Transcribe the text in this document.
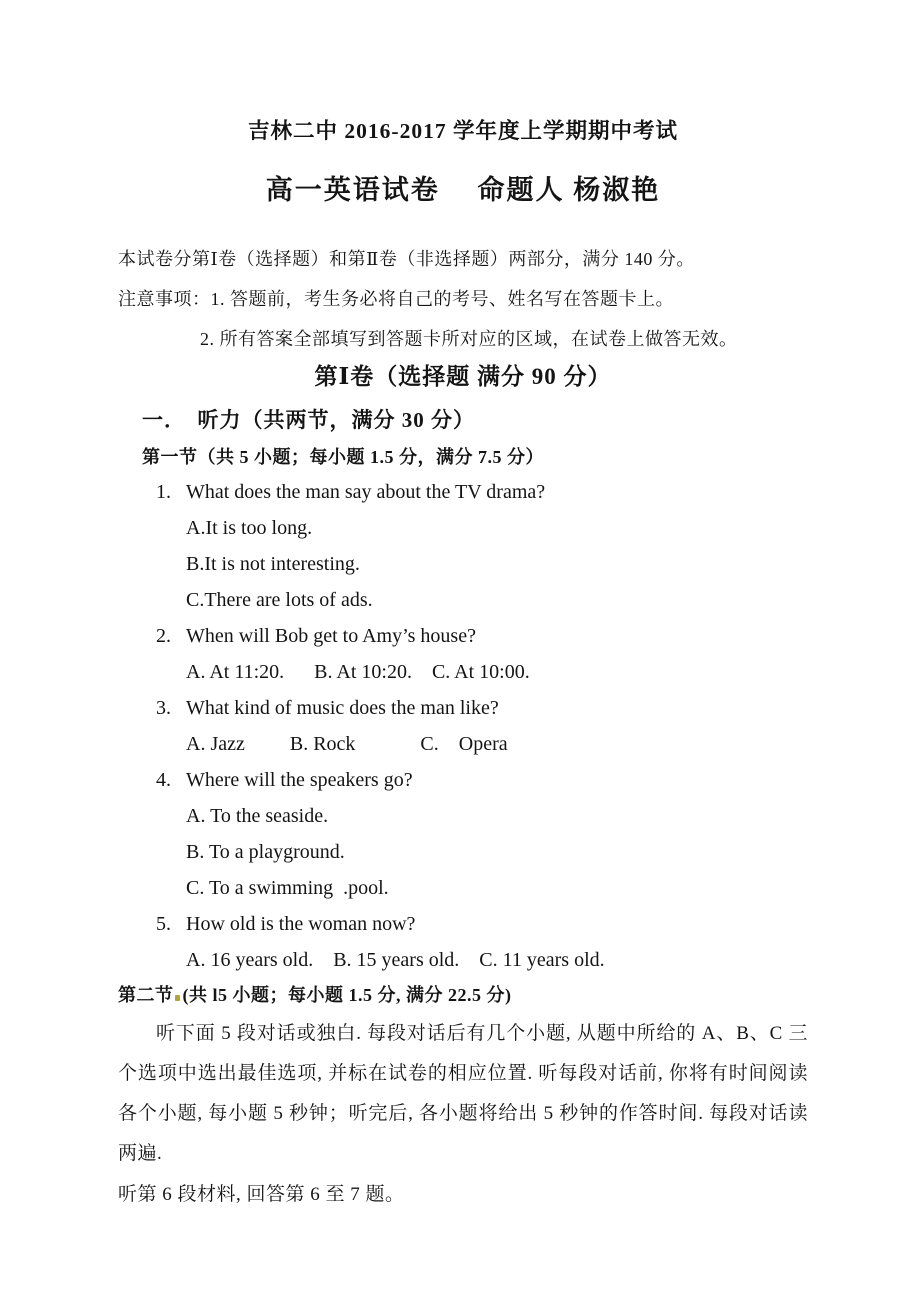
吉林二中 2016-2017 学年度上学期期中考试
高一英语试卷　 命题人 杨淑艳

本试卷分第Ⅰ卷（选择题）和第Ⅱ卷（非选择题）两部分，满分 140 分。

注意事项：1. 答题前，考生务必将自己的考号、姓名写在答题卡上。

2. 所有答案全部填写到答题卡所对应的区域，在试卷上做答无效。

第Ⅰ卷（选择题 满分 90 分）
一．　听力（共两节，满分 30 分）

第一节（共 5 小题；每小题 1.5 分，满分 7.5 分）

1. What does the man say about the TV drama?
A.It is too long.
B.It is not interesting.
C.There are lots of ads.
2. When will Bob get to Amy’s house?
A. At 11:20.      B. At 10:20.    C. At 10:00.
3. What kind of music does the man like?
A. Jazz         B. Rock             C.    Opera
4. Where will the speakers go?
A. To the seaside.
B. To a playground.
C. To a swimming  .pool.
5. How old is the woman now?
A. 16 years old.    B. 15 years old.    C. 11 years old.

第二节 (共 l5 小题；每小题 1.5 分, 满分 22.5 分)

听下面 5 段对话或独白. 每段对话后有几个小题, 从题中所给的 A、B、C 三个选项中选出最佳选项, 并标在试卷的相应位置. 听每段对话前, 你将有时间阅读各个小题, 每小题 5 秒钟；听完后, 各小题将给出 5 秒钟的作答时间. 每段对话读两遍.

听第 6 段材料, 回答第 6 至 7 题。
